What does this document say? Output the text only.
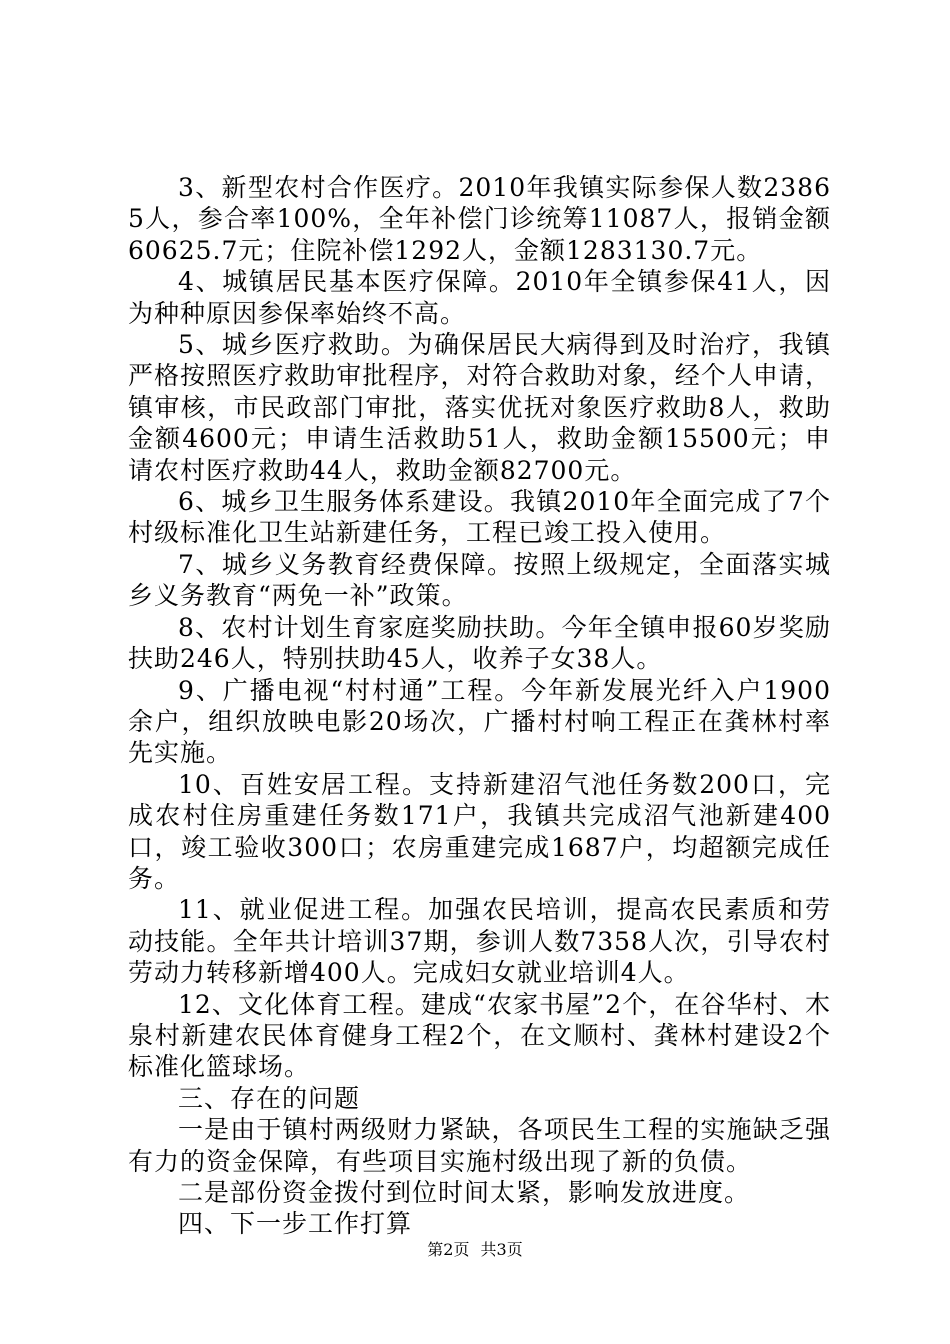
3、新型农村合作医疗。2010年我镇实际参保人数23865人，参合率100%，全年补偿门诊统筹11087人，报销金额60625.7元；住院补偿1292人，金额1283130.7元。

4、城镇居民基本医疗保障。2010年全镇参保41人，因为种种原因参保率始终不高。

5、城乡医疗救助。为确保居民大病得到及时治疗，我镇严格按照医疗救助审批程序，对符合救助对象，经个人申请，镇审核，市民政部门审批，落实优抚对象医疗救助8人，救助金额4600元；申请生活救助51人，救助金额15500元；申请农村医疗救助44人，救助金额82700元。

6、城乡卫生服务体系建设。我镇2010年全面完成了7个村级标准化卫生站新建任务，工程已竣工投入使用。

7、城乡义务教育经费保障。按照上级规定，全面落实城乡义务教育“两免一补”政策。

8、农村计划生育家庭奖励扶助。今年全镇申报60岁奖励扶助246人，特别扶助45人，收养子女38人。

9、广播电视“村村通”工程。今年新发展光纤入户1900余户，组织放映电影20场次，广播村村响工程正在龚林村率先实施。

10、百姓安居工程。支持新建沼气池任务数200口，完成农村住房重建任务数171户，我镇共完成沼气池新建400口，竣工验收300口；农房重建完成1687户，均超额完成任务。

11、就业促进工程。加强农民培训，提高农民素质和劳动技能。全年共计培训37期，参训人数7358人次，引导农村劳动力转移新增400人。完成妇女就业培训4人。

12、文化体育工程。建成“农家书屋”2个，在谷华村、木泉村新建农民体育健身工程2个，在文顺村、龚林村建设2个标准化篮球场。

三、存在的问题

一是由于镇村两级财力紧缺，各项民生工程的实施缺乏强有力的资金保障，有些项目实施村级出现了新的负债。

二是部份资金拨付到位时间太紧，影响发放进度。

四、下一步工作打算

第2页 共3页
